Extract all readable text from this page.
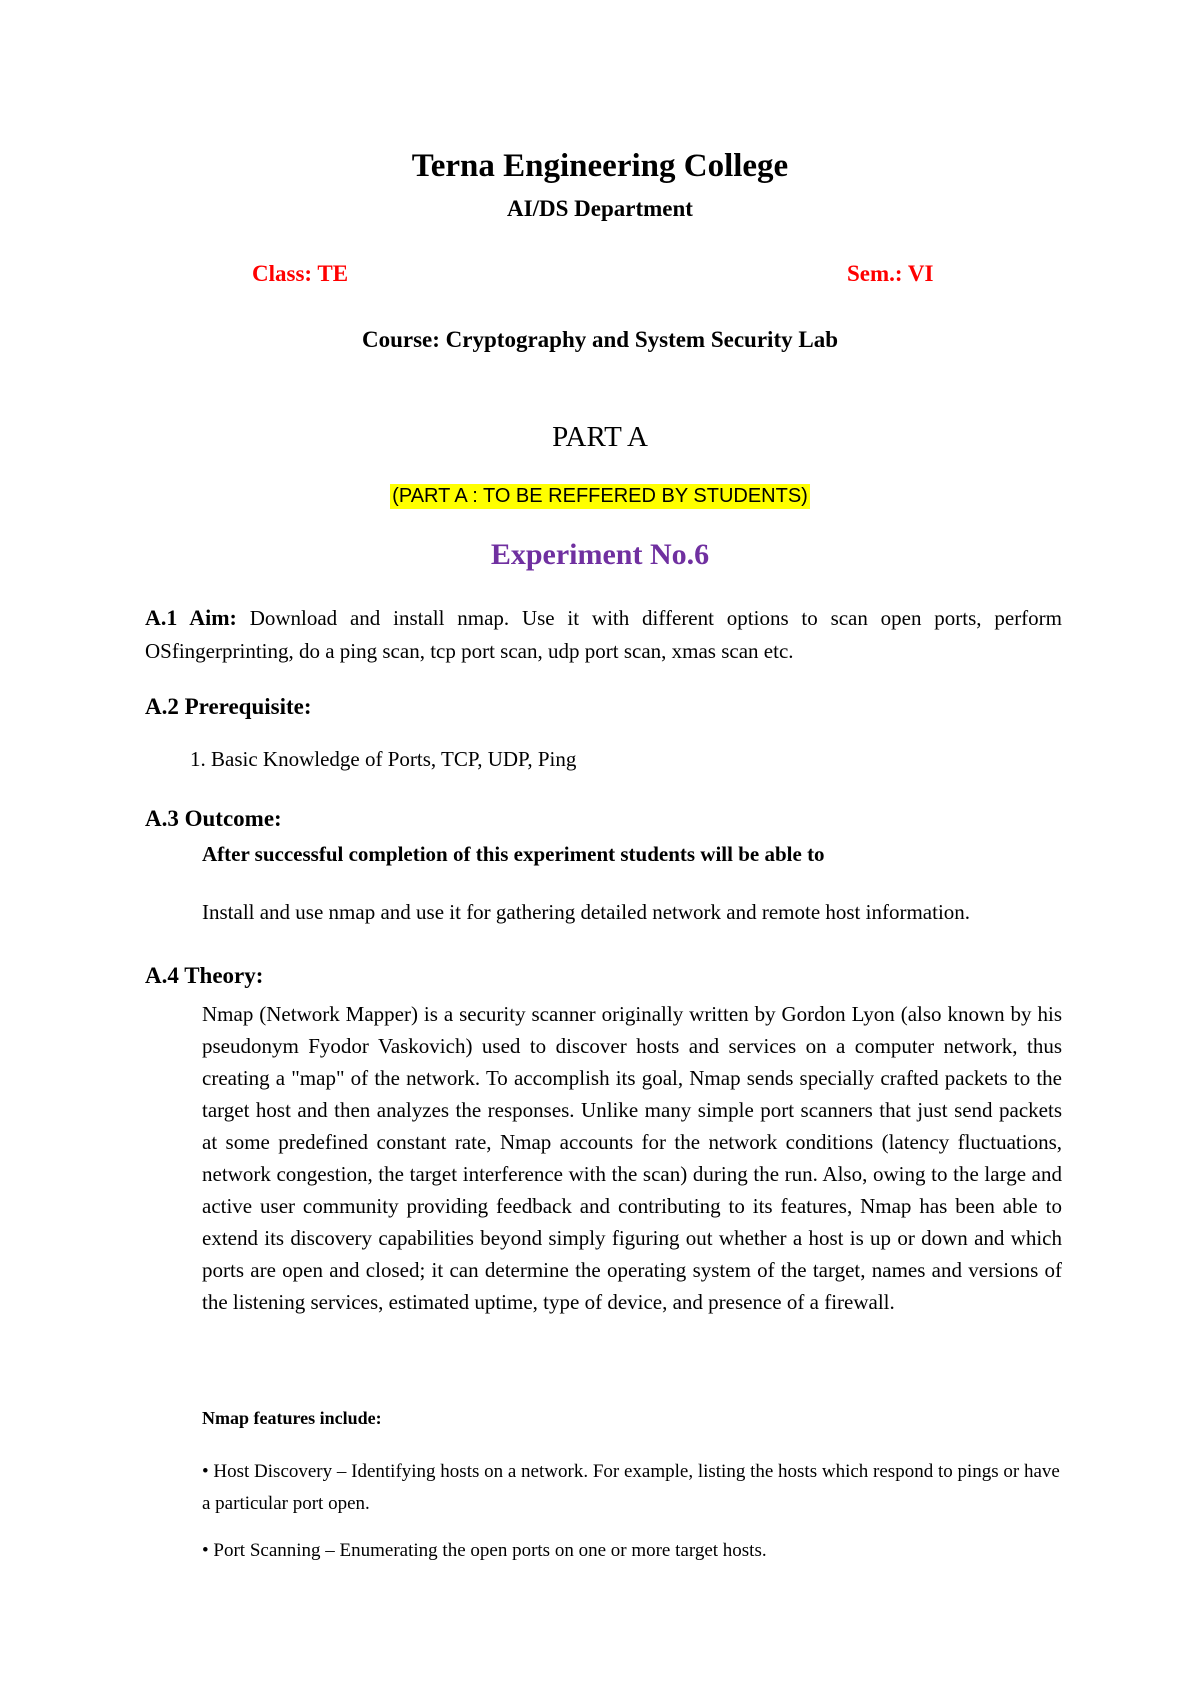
Terna Engineering College
AI/DS Department
Class: TE	Sem.: VI
Course: Cryptography and System Security Lab
PART A
(PART A : TO BE REFFERED BY STUDENTS)
Experiment No.6
A.1 Aim: Download and install nmap. Use it with different options to scan open ports, perform OSfingerprinting, do a ping scan, tcp port scan, udp port scan, xmas scan etc.
A.2 Prerequisite:
1. Basic Knowledge of Ports, TCP, UDP, Ping
A.3 Outcome:
After successful completion of this experiment students will be able to
Install and use nmap and use it for gathering detailed network and remote host information.
A.4 Theory:
Nmap (Network Mapper) is a security scanner originally written by Gordon Lyon (also known by his pseudonym Fyodor Vaskovich) used to discover hosts and services on a computer network, thus creating a "map" of the network. To accomplish its goal, Nmap sends specially crafted packets to the target host and then analyzes the responses. Unlike many simple port scanners that just send packets at some predefined constant rate, Nmap accounts for the network conditions (latency fluctuations, network congestion, the target interference with the scan) during the run. Also, owing to the large and active user community providing feedback and contributing to its features, Nmap has been able to extend its discovery capabilities beyond simply figuring out whether a host is up or down and which ports are open and closed; it can determine the operating system of the target, names and versions of the listening services, estimated uptime, type of device, and presence of a firewall.
Nmap features include:
• Host Discovery – Identifying hosts on a network. For example, listing the hosts which respond to pings or have a particular port open.
• Port Scanning – Enumerating the open ports on one or more target hosts.
